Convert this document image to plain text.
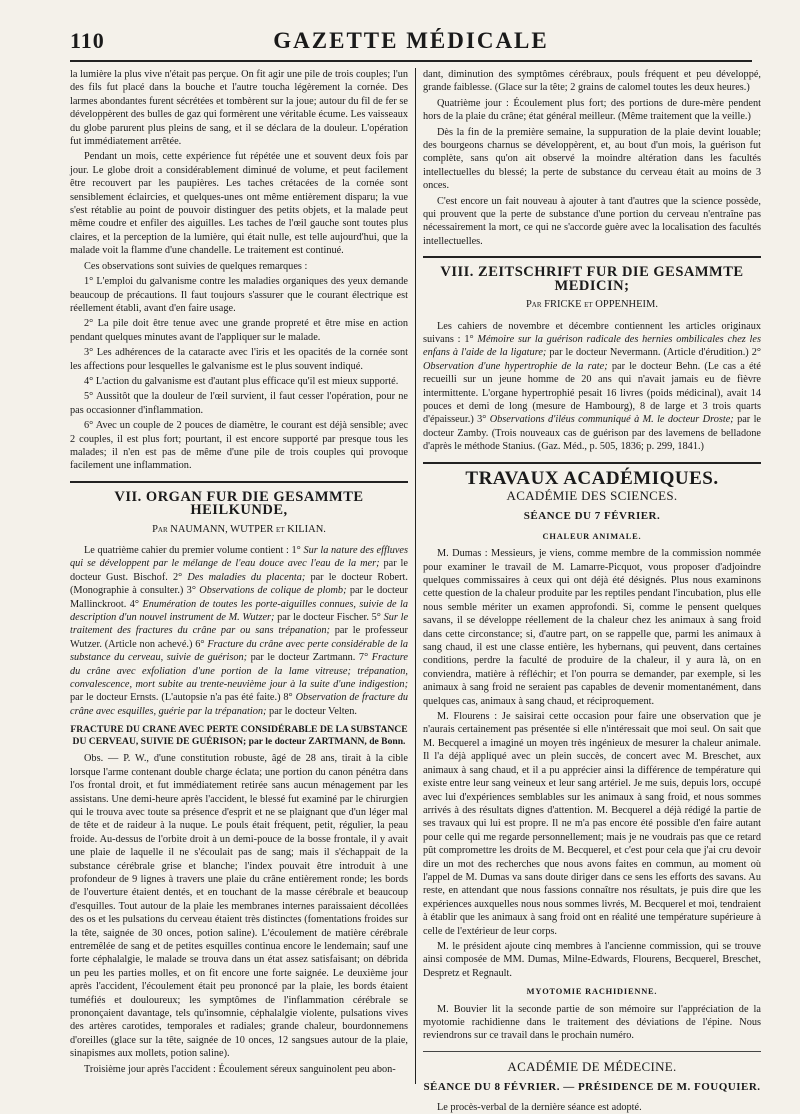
110	GAZETTE MÉDICALE

la lumière la plus vive n'était pas perçue. On fit agir une pile de trois couples; l'un des fils fut placé dans la bouche et l'autre toucha légèrement la cornée. Des larmes abondantes furent sécrétées et tombèrent sur la joue; autour du fil de fer se développèrent des bulles de gaz qui formèrent une véritable écume. Les vaisseaux du globe parurent plus pleins de sang, et il se déclara de la douleur. L'opération fut immédiatement arrêtée.

Pendant un mois, cette expérience fut répétée une et souvent deux fois par jour. Le globe droit a considérablement diminué de volume, et peut facilement être recouvert par les paupières. Les taches crétacées de la cornée sont sensiblement éclaircies, et quelques-unes ont même entièrement disparu; la vue s'est rétablie au point de pouvoir distinguer des petits objets, et la malade peut même coudre et enfiler des aiguilles. Les taches de l'œil gauche sont toutes plus claires, et la perception de la lumière, qui était nulle, est telle aujourd'hui, que la malade voit la flamme d'une chandelle. Le traitement est continué.

Ces observations sont suivies de quelques remarques :

1° L'emploi du galvanisme contre les maladies organiques des yeux demande beaucoup de précautions. Il faut toujours s'assurer que le courant électrique est réellement établi, avant d'en faire usage.

2° La pile doit être tenue avec une grande propreté et être mise en action pendant quelques minutes avant de l'appliquer sur le malade.

3° Les adhérences de la cataracte avec l'iris et les opacités de la cornée sont les affections pour lesquelles le galvanisme est le plus souvent indiqué.

4° L'action du galvanisme est d'autant plus efficace qu'il est mieux supporté.

5° Aussitôt que la douleur de l'œil survient, il faut cesser l'opération, pour ne pas occasionner d'inflammation.

6° Avec un couple de 2 pouces de diamètre, le courant est déjà sensible; avec 2 couples, il est plus fort; pourtant, il est encore supporté par presque tous les malades; il n'en est pas de même d'une pile de trois couples qui provoque facilement une inflammation.

VII. ORGAN FUR DIE GESAMMTE HEILKUNDE,
Par NAUMANN, WUTPER et KILIAN.

Le quatrième cahier du premier volume contient : 1° Sur la nature des effluves qui se développent par le mélange de l'eau douce avec l'eau de la mer; par le docteur Gust. Bischof. 2° Des maladies du placenta; par le docteur Robert. (Monographie à consulter.) 3° Observations de colique de plomb; par le docteur Mallinckroot. 4° Enumération de toutes les porte-aiguilles connues, suivie de la description d'un nouvel instrument de M. Wutzer; par le docteur Fischer. 5° Sur le traitement des fractures du crâne par ou sans trépanation; par le professeur Wutzer. (Article non achevé.) 6° Fracture du crâne avec perte considérable de la substance du cerveau, suivie de guérison; par le docteur Zartmann. 7° Fracture du crâne avec exfoliation d'une portion de la lame vitreuse; trépanation, convalescence, mort subite au trente-neuvième jour à la suite d'une indigestion; par le docteur Ernsts. (L'autopsie n'a pas été faite.) 8° Observation de fracture du crâne avec esquilles, guérie par la trépanation; par le docteur Velten.

FRACTURE DU CRANE AVEC PERTE CONSIDÉRABLE DE LA SUBSTANCE DU CERVEAU, SUIVIE DE GUÉRISON; par le docteur ZARTMANN, de Bonn.

Obs. — P. W., d'une constitution robuste, âgé de 28 ans, tirait à la cible lorsque l'arme contenant double charge éclata; une portion du canon pénétra dans l'os frontal droit, et fut immédiatement retirée sans aucun ménagement par les assistans. Une demi-heure après l'accident, le blessé fut examiné par le chirurgien qui le trouva avec toute sa présence d'esprit et ne se plaignant que d'un léger mal de tête et de raideur à la nuque. Le pouls était fréquent, petit, régulier, la peau froide. Au-dessus de l'orbite droit à un demi-pouce de la bosse frontale, il y avait une plaie de laquelle il ne s'écoulait pas de sang; mais il s'échappait de la substance cérébrale grise et blanche; l'index pouvait être introduit à une profondeur de 9 lignes à travers une plaie du crâne entièrement ronde; les bords de l'ouverture étaient dentés, et en touchant de la masse cérébrale et beaucoup d'esquilles. Tout autour de la plaie les membranes internes paraissaient décollées des os et les pulsations du cerveau étaient très distinctes (fomentations froides sur la tête, saignée de 30 onces, potion saline). L'écoulement de matière cérébrale entremêlée de sang et de petites esquilles continua encore le lendemain; sauf une forte céphalalgie, le malade se trouva dans un état assez satisfaisant; on débrida un peu les parties molles, et on fit encore une forte saignée. Le deuxième jour après l'accident, l'écoulement était peu prononcé par la plaie, les bords étaient tuméfiés et douloureux; les symptômes de l'inflammation cérébrale se prononçaient davantage, tels qu'insomnie, céphalalgie violente, pulsations vives des artères carotides, temporales et radiales; grande chaleur, bourdonnemens d'oreilles (glace sur la tête, saignée de 10 onces, 12 sangsues autour de la plaie, sinapismes aux mollets, potion saline).

Troisième jour après l'accident : Écoulement séreux sanguinolent peu abon-

dant, diminution des symptômes cérébraux, pouls fréquent et peu développé, grande faiblesse. (Glace sur la tête; 2 grains de calomel toutes les deux heures.)

Quatrième jour : Écoulement plus fort; des portions de dure-mère pendent hors de la plaie du crâne; état général meilleur. (Même traitement que la veille.)

Dès la fin de la première semaine, la suppuration de la plaie devint louable; des bourgeons charnus se développèrent, et, au bout d'un mois, la guérison fut complète, sans qu'on ait observé la moindre altération dans les facultés intellectuelles du blessé; la perte de substance du cerveau était au moins de 3 onces.

C'est encore un fait nouveau à ajouter à tant d'autres que la science possède, qui prouvent que la perte de substance d'une portion du cerveau n'entraîne pas nécessairement la mort, ce qui ne s'accorde guère avec la localisation des facultés intellectuelles.

VIII. ZEITSCHRIFT FUR DIE GESAMMTE MEDICIN;
Par FRICKE et OPPENHEIM.

Les cahiers de novembre et décembre contiennent les articles originaux suivans : 1° Mémoire sur la guérison radicale des hernies ombilicales chez les enfans à l'aide de la ligature; par le docteur Nevermann. (Article d'érudition.) 2° Observation d'une hypertrophie de la rate; par le docteur Behn. (Le cas a été recueilli sur un jeune homme de 20 ans qui n'avait jamais eu de fièvre intermittente. L'organe hypertrophié pesait 16 livres (poids médicinal), avait 14 pouces et demi de long (mesure de Hambourg), 8 de large et 3 trois quarts d'épaisseur.) 3° Observations d'iléus communiqué à M. le docteur Droste; par le docteur Zamby. (Trois nouveaux cas de guérison par des lavemens de belladone d'après le méthode Stanius. (Gaz. Méd., p. 505, 1836; p. 299, 1841.)

TRAVAUX ACADÉMIQUES.
ACADÉMIE DES SCIENCES.
SÉANCE DU 7 FÉVRIER.
CHALEUR ANIMALE.

M. Dumas : Messieurs, je viens, comme membre de la commission nommée pour examiner le travail de M. Lamarre-Picquot, vous proposer d'adjoindre quelques commissaires à ceux qui ont déjà été désignés. Plus nous examinons cette question de la chaleur produite par les reptiles pendant l'incubation, plus elle nous semble mériter un examen approfondi. Si, comme le pensent quelques savans, il se développe réellement de la chaleur chez les animaux à sang froid dans cette circonstance; si, d'autre part, on se rappelle que, parmi les animaux à sang chaud, il est une classe entière, les hybernans, qui peuvent, dans certaines conditions, perdre la faculté de produire de la chaleur, il y aura là, on en conviendra, matière à réfléchir; et l'on pourra se demander, par exemple, si les animaux à sang froid ne seraient pas capables de devenir momentanément, dans quelques cas, animaux à sang chaud, et réciproquement.

M. Flourens : Je saisirai cette occasion pour faire une observation que je n'aurais certainement pas présentée si elle n'intéressait que moi seul. On sait que M. Becquerel a imaginé un moyen très ingénieux de mesurer la chaleur animale. Il l'a déjà appliqué avec un plein succès, de concert avec M. Breschet, aux animaux à sang chaud, et il a pu apprécier ainsi la différence de température qui existe entre leur sang veineux et leur sang artériel. Je me suis, depuis lors, occupé avec lui d'expériences semblables sur les animaux à sang froid, et nous sommes arrivés à des résultats dignes d'attention. M. Becquerel a déjà rédigé la partie de ses travaux qui lui est propre. Il ne m'a pas encore été possible d'en faire autant pour celle qui me regarde personnellement; mais je ne voudrais pas que ce retard pût compromettre les droits de M. Becquerel, et c'est pour cela que j'ai cru devoir dire un mot des recherches que nous avons faites en commun, au moment où l'appel de M. Dumas va sans doute diriger dans ce sens les efforts des savans. Au reste, en attendant que nous fassions connaître nos résultats, je puis dire que les expériences auxquelles nous nous sommes livrés, M. Becquerel et moi, tendraient à établir que les animaux à sang froid ont en réalité une température supérieure à celle de l'extérieur de leur corps.

M. le président ajoute cinq membres à l'ancienne commission, qui se trouve ainsi composée de MM. Dumas, Milne-Edwards, Flourens, Becquerel, Breschet, Despretz et Regnault.

MYOTOMIE RACHIDIENNE.

M. Bouvier lit la seconde partie de son mémoire sur l'appréciation de la myotomie rachidienne dans le traitement des déviations de l'épine. Nous reviendrons sur ce travail dans le prochain numéro.

ACADÉMIE DE MÉDECINE.
SÉANCE DU 8 FÉVRIER. — PRÉSIDENCE DE M. FOUQUIER.

Le procès-verbal de la dernière séance est adopté.
